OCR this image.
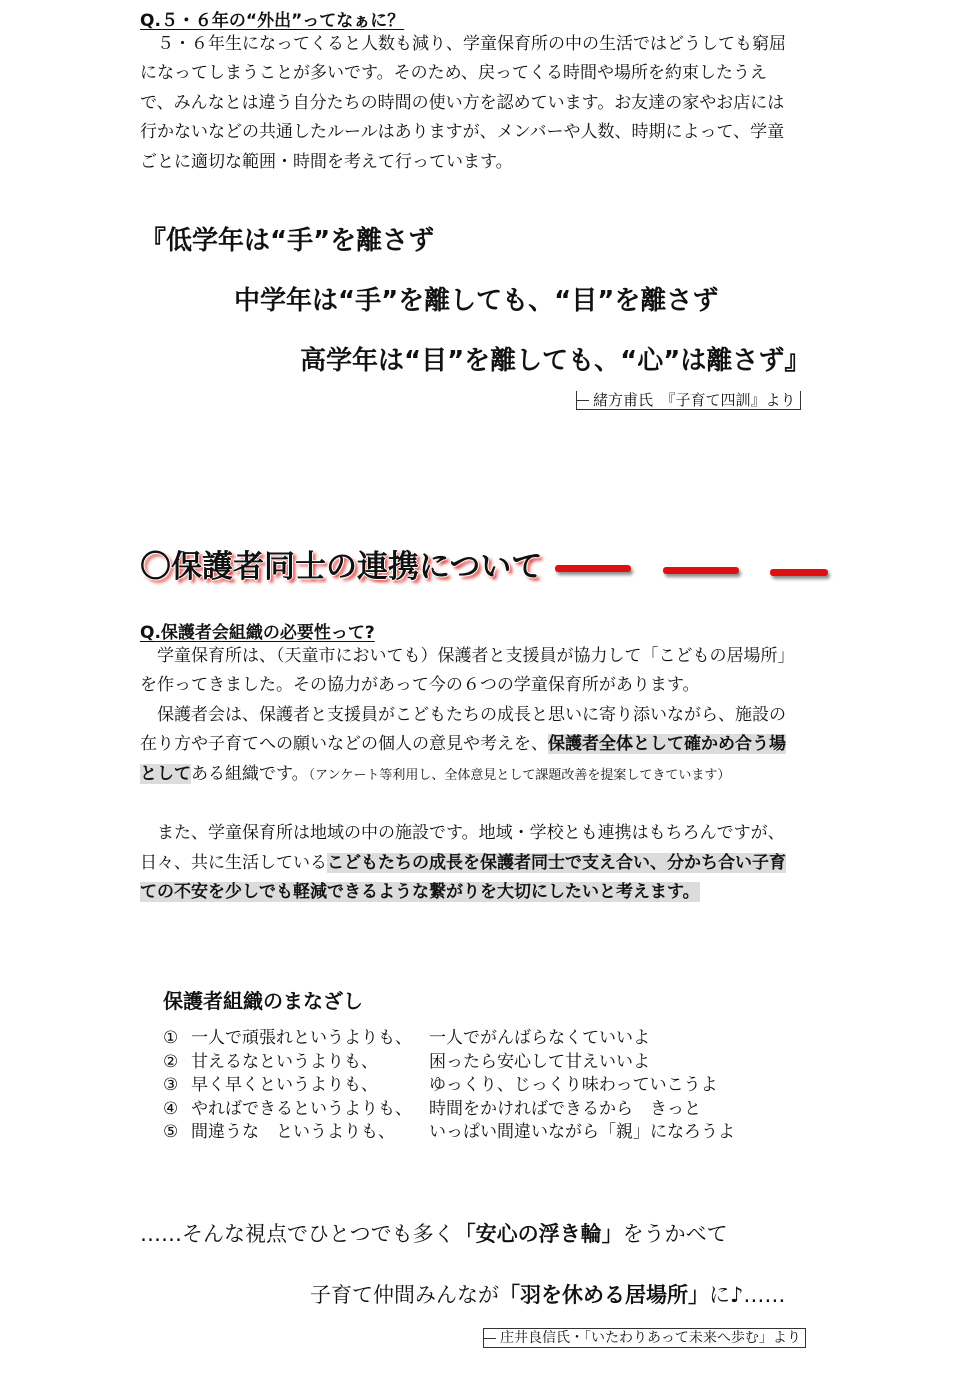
Q.５・６年の“外出”ってなぁに？

　５・６年生になってくると人数も減り、学童保育所の中の生活ではどうしても窮屈

になってしまうことが多いです。そのため、戻ってくる時間や場所を約束したうえ

で、みんなとは違う自分たちの時間の使い方を認めています。お友達の家やお店には

行かないなどの共通したルールはありますが、メンバーや人数、時期によって、学童

ごとに適切な範囲・時間を考えて行っています。

『低学年は“手”を離さず
中学年は“手”を離しても、“目”を離さず
高学年は“目”を離しても、“心”は離さず』
緒方甫氏　『子育て四訓』より
〇保護者同士の連携について
Q.保護者会組織の必要性って?

　学童保育所は、（天童市においても）保護者と支援員が協力して「こどもの居場所」

を作ってきました。その協力があって今の６つの学童保育所があります。

　保護者会は、保護者と支援員がこどもたちの成長と思いに寄り添いながら、施設の

在り方や子育てへの願いなどの個人の意見や考えを、保護者全体として確かめ合う場

としてある組織です。（アンケート等利用し、全体意見として課題改善を提案してきています）

　また、学童保育所は地域の中の施設です。地域・学校とも連携はもちろんですが、

日々、共に生活しているこどもたちの成長を保護者同士で支え合い、分かち合い子育

ての不安を少しでも軽減できるような繋がりを大切にしたいと考えます。

保護者組織のまなざし
① 一人で頑張れというよりも、	一人でがんばらなくていいよ
② 甘えるなというよりも、	困ったら安心して甘えいいよ
③ 早く早くというよりも、	ゆっくり、じっくり味わっていこうよ
④ やればできるというよりも、	時間をかければできるから　きっと
⑤ 間違うな　というよりも、	いっぱい間違いながら「親」になろうよ
……そんな視点でひとつでも多く「安心の浮き輪」をうかべて
子育て仲間みんなが「羽を休める居場所」に♪……
庄井良信氏・「いたわりあって未来へ歩む」より
